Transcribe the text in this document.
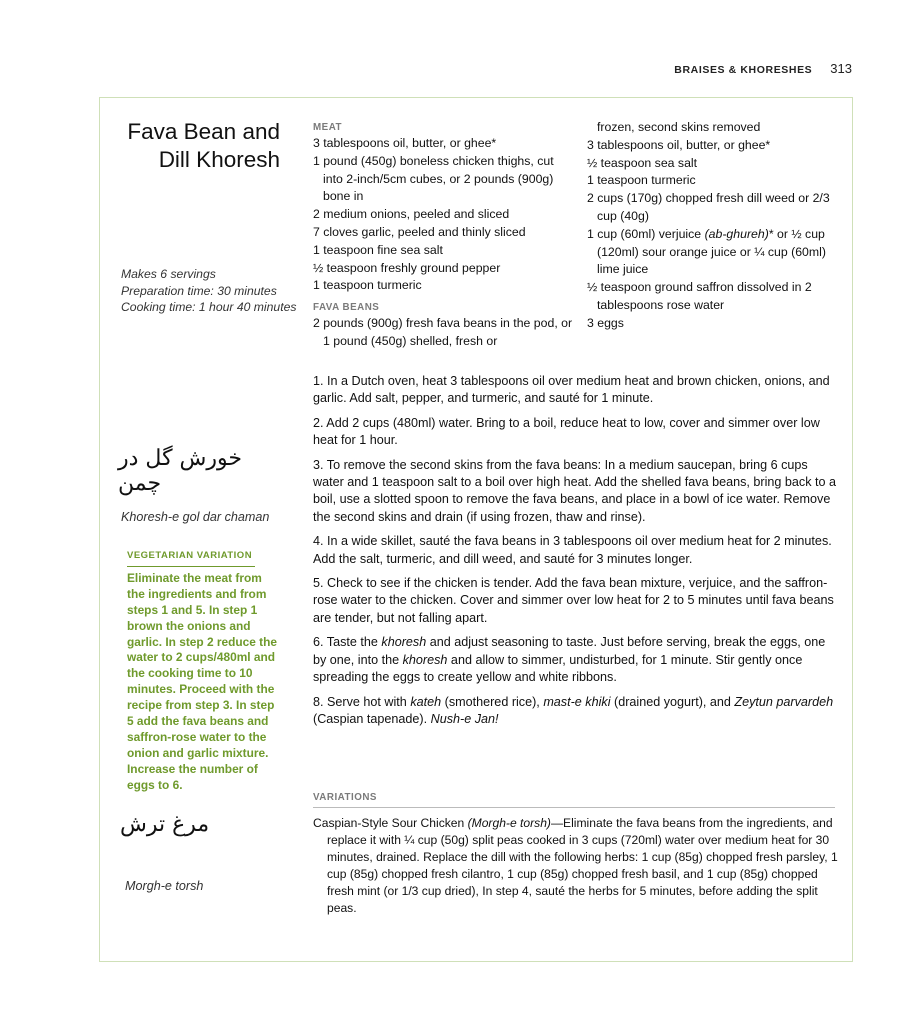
BRAISES & KHORESHES 313
Fava Bean and
Dill Khoresh
Makes 6 servings
Preparation time: 30 minutes
Cooking time: 1 hour 40 minutes
خورش گل در چمن
Khoresh-e gol dar chaman
VEGETARIAN VARIATION
Eliminate the meat from the ingredients and from steps 1 and 5. In step 1 brown the onions and garlic. In step 2 reduce the water to 2 cups/480ml and the cooking time to 10 minutes. Proceed with the recipe from step 3. In step 5 add the fava beans and saffron-rose water to the onion and garlic mixture. Increase the number of eggs to 6.
مرغ ترش
Morgh-e torsh
MEAT
3 tablespoons oil, butter, or ghee*
1 pound (450g) boneless chicken thighs, cut into 2-inch/5cm cubes, or 2 pounds (900g) bone in
2 medium onions, peeled and sliced
7 cloves garlic, peeled and thinly sliced
1 teaspoon fine sea salt
½ teaspoon freshly ground pepper
1 teaspoon turmeric
FAVA BEANS
2 pounds (900g) fresh fava beans in the pod, or 1 pound (450g) shelled, fresh or
frozen, second skins removed
3 tablespoons oil, butter, or ghee*
½ teaspoon sea salt
1 teaspoon turmeric
2 cups (170g) chopped fresh dill weed or 2/3 cup (40g)
1 cup (60ml) verjuice (ab-ghureh)* or ½ cup (120ml) sour orange juice or ¼ cup (60ml) lime juice
½ teaspoon ground saffron dissolved in 2 tablespoons rose water
3 eggs

1. In a Dutch oven, heat 3 tablespoons oil over medium heat and brown chicken, onions, and garlic. Add salt, pepper, and turmeric, and sauté for 1 minute.

2. Add 2 cups (480ml) water. Bring to a boil, reduce heat to low, cover and simmer over low heat for 1 hour.

3. To remove the second skins from the fava beans: In a medium saucepan, bring 6 cups water and 1 teaspoon salt to a boil over high heat. Add the shelled fava beans, bring back to a boil, use a slotted spoon to remove the fava beans, and place in a bowl of ice water. Remove the second skins and drain (if using frozen, thaw and rinse).

4. In a wide skillet, sauté the fava beans in 3 tablespoons oil over medium heat for 2 minutes. Add the salt, turmeric, and dill weed, and sauté for 3 minutes longer.

5. Check to see if the chicken is tender. Add the fava bean mixture, verjuice, and the saffron-rose water to the chicken. Cover and simmer over low heat for 2 to 5 minutes until fava beans are tender, but not falling apart.

6. Taste the khoresh and adjust seasoning to taste. Just before serving, break the eggs, one by one, into the khoresh and allow to simmer, undisturbed, for 1 minute. Stir gently once spreading the eggs to create yellow and white ribbons.

8. Serve hot with kateh (smothered rice), mast-e khiki (drained yogurt), and Zeytun parvardeh (Caspian tapenade). Nush-e Jan!

VARIATIONS
Caspian-Style Sour Chicken (Morgh-e torsh)—Eliminate the fava beans from the ingredients, and replace it with ¼ cup (50g) split peas cooked in 3 cups (720ml) water over medium heat for 30 minutes, drained. Replace the dill with the following herbs: 1 cup (85g) chopped fresh parsley, 1 cup (85g) chopped fresh cilantro, 1 cup (85g) chopped fresh basil, and 1 cup (85g) chopped fresh mint (or 1/3 cup dried), In step 4, sauté the herbs for 5 minutes, before adding the split peas.
